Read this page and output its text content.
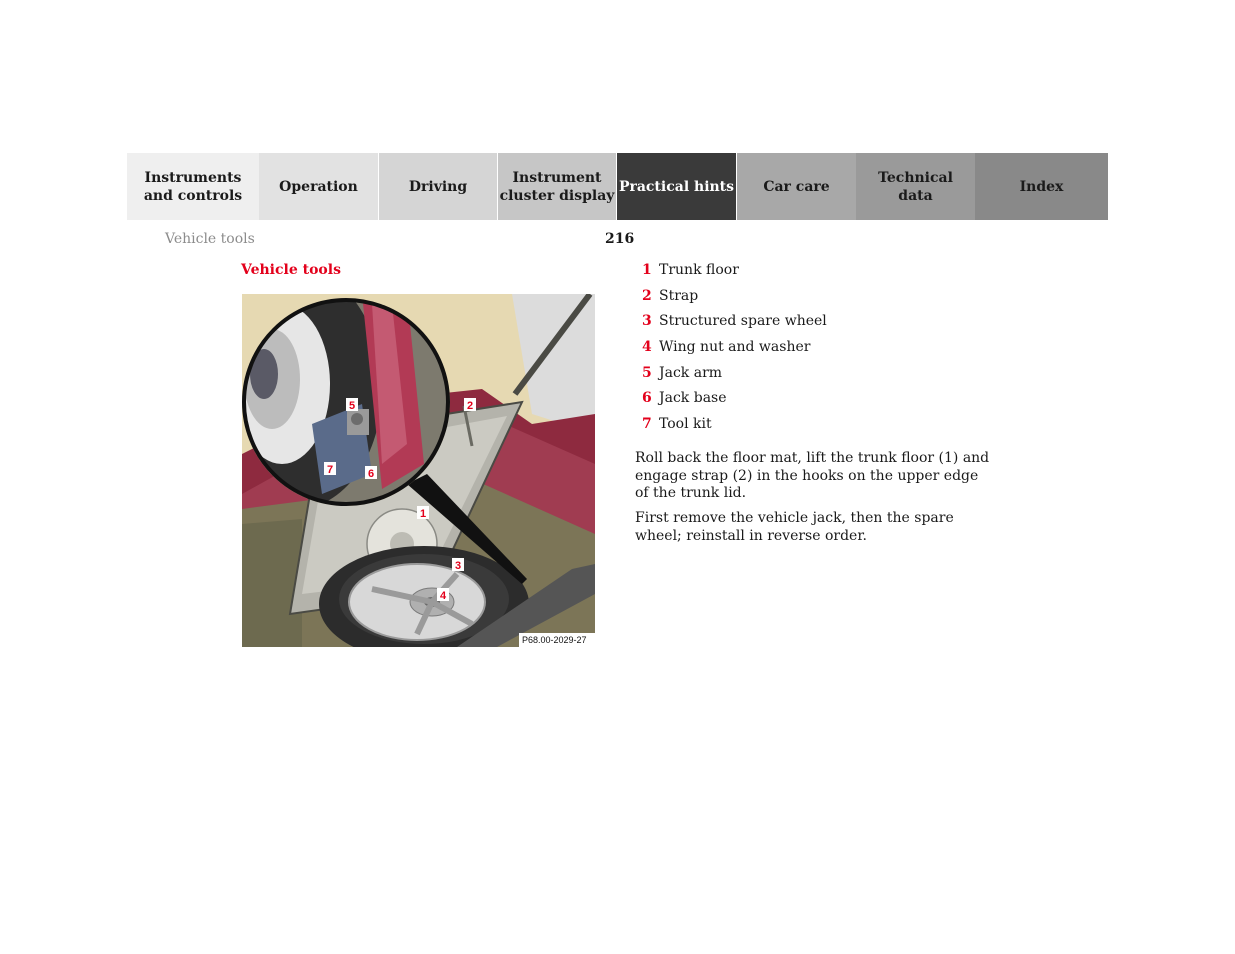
Instruments
and controls
Operation	Driving
Instrument
cluster display
Practical hints	Car care
Technical
data
Index
Vehicle tools	216
Vehicle tools
5	2
7	6
1
3
4
P68.00-2029-27
1 Trunk floor
2 Strap
3 Structured spare wheel
4 Wing nut and washer
5 Jack arm
6 Jack base
7 Tool kit

Roll back the floor mat, lift the trunk floor (1) and engage strap (2) in the hooks on the upper edge of the trunk lid.

First remove the vehicle jack, then the spare wheel; reinstall in reverse order.
